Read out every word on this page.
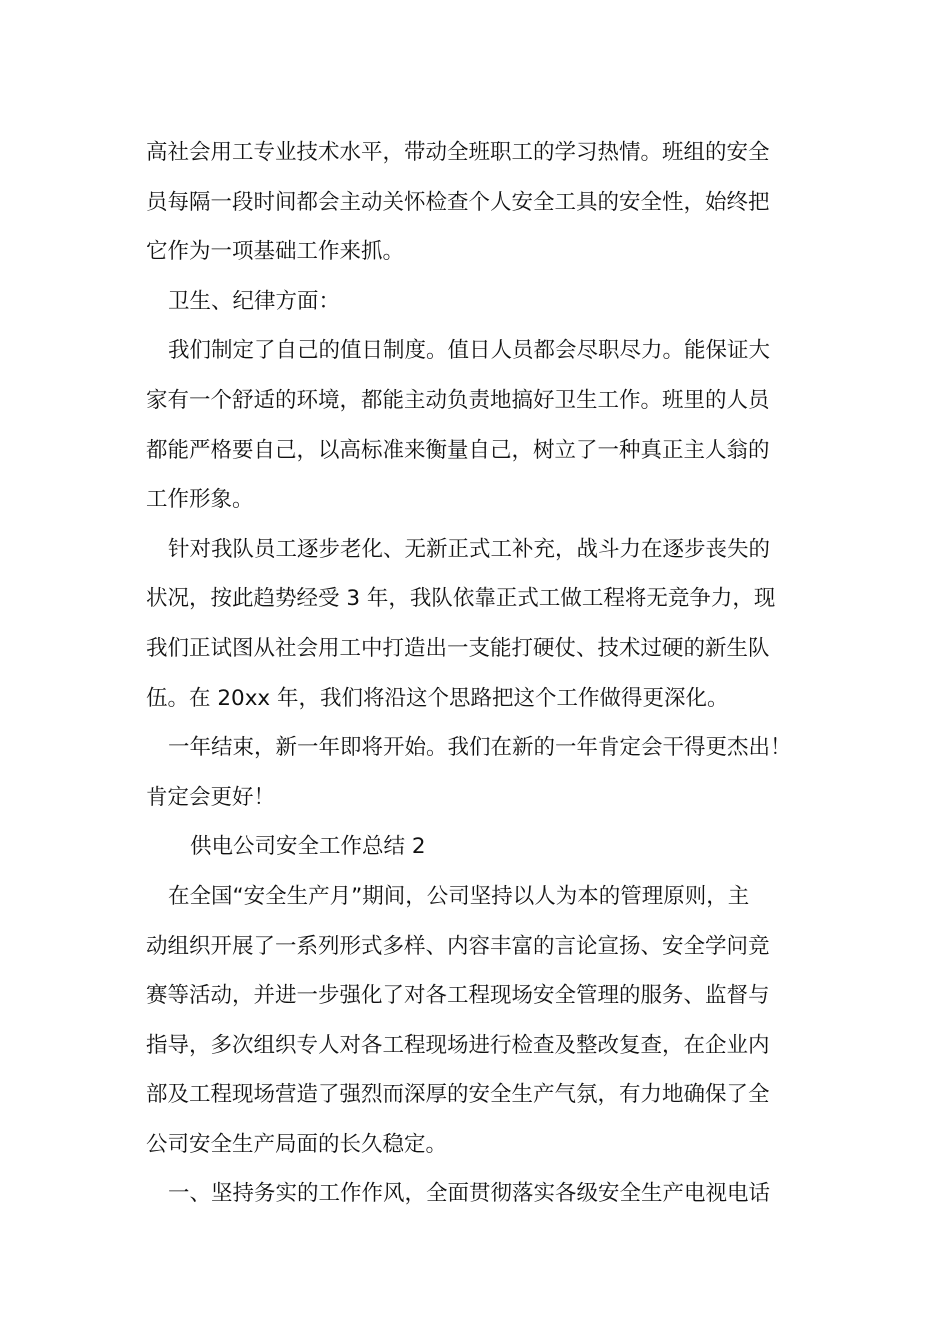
高社会用工专业技术水平，带动全班职工的学习热情。班组的安全
员每隔一段时间都会主动关怀检查个人安全工具的安全性，始终把
它作为一项基础工作来抓。
卫生、纪律方面：
我们制定了自己的值日制度。值日人员都会尽职尽力。能保证大
家有一个舒适的环境，都能主动负责地搞好卫生工作。班里的人员
都能严格要自己，以高标准来衡量自己，树立了一种真正主人翁的
工作形象。
针对我队员工逐步老化、无新正式工补充，战斗力在逐步丧失的
状况，按此趋势经受 3 年，我队依靠正式工做工程将无竞争力，现
我们正试图从社会用工中打造出一支能打硬仗、技术过硬的新生队
伍。在 20xx 年，我们将沿这个思路把这个工作做得更深化。
一年结束，新一年即将开始。我们在新的一年肯定会干得更杰出！
肯定会更好！
供电公司安全工作总结 2
在全国“安全生产月”期间，公司坚持以人为本的管理原则，主
动组织开展了一系列形式多样、内容丰富的言论宣扬、安全学问竞
赛等活动，并进一步强化了对各工程现场安全管理的服务、监督与
指导，多次组织专人对各工程现场进行检查及整改复查，在企业内
部及工程现场营造了强烈而深厚的安全生产气氛，有力地确保了全
公司安全生产局面的长久稳定。
一、坚持务实的工作作风，全面贯彻落实各级安全生产电视电话
